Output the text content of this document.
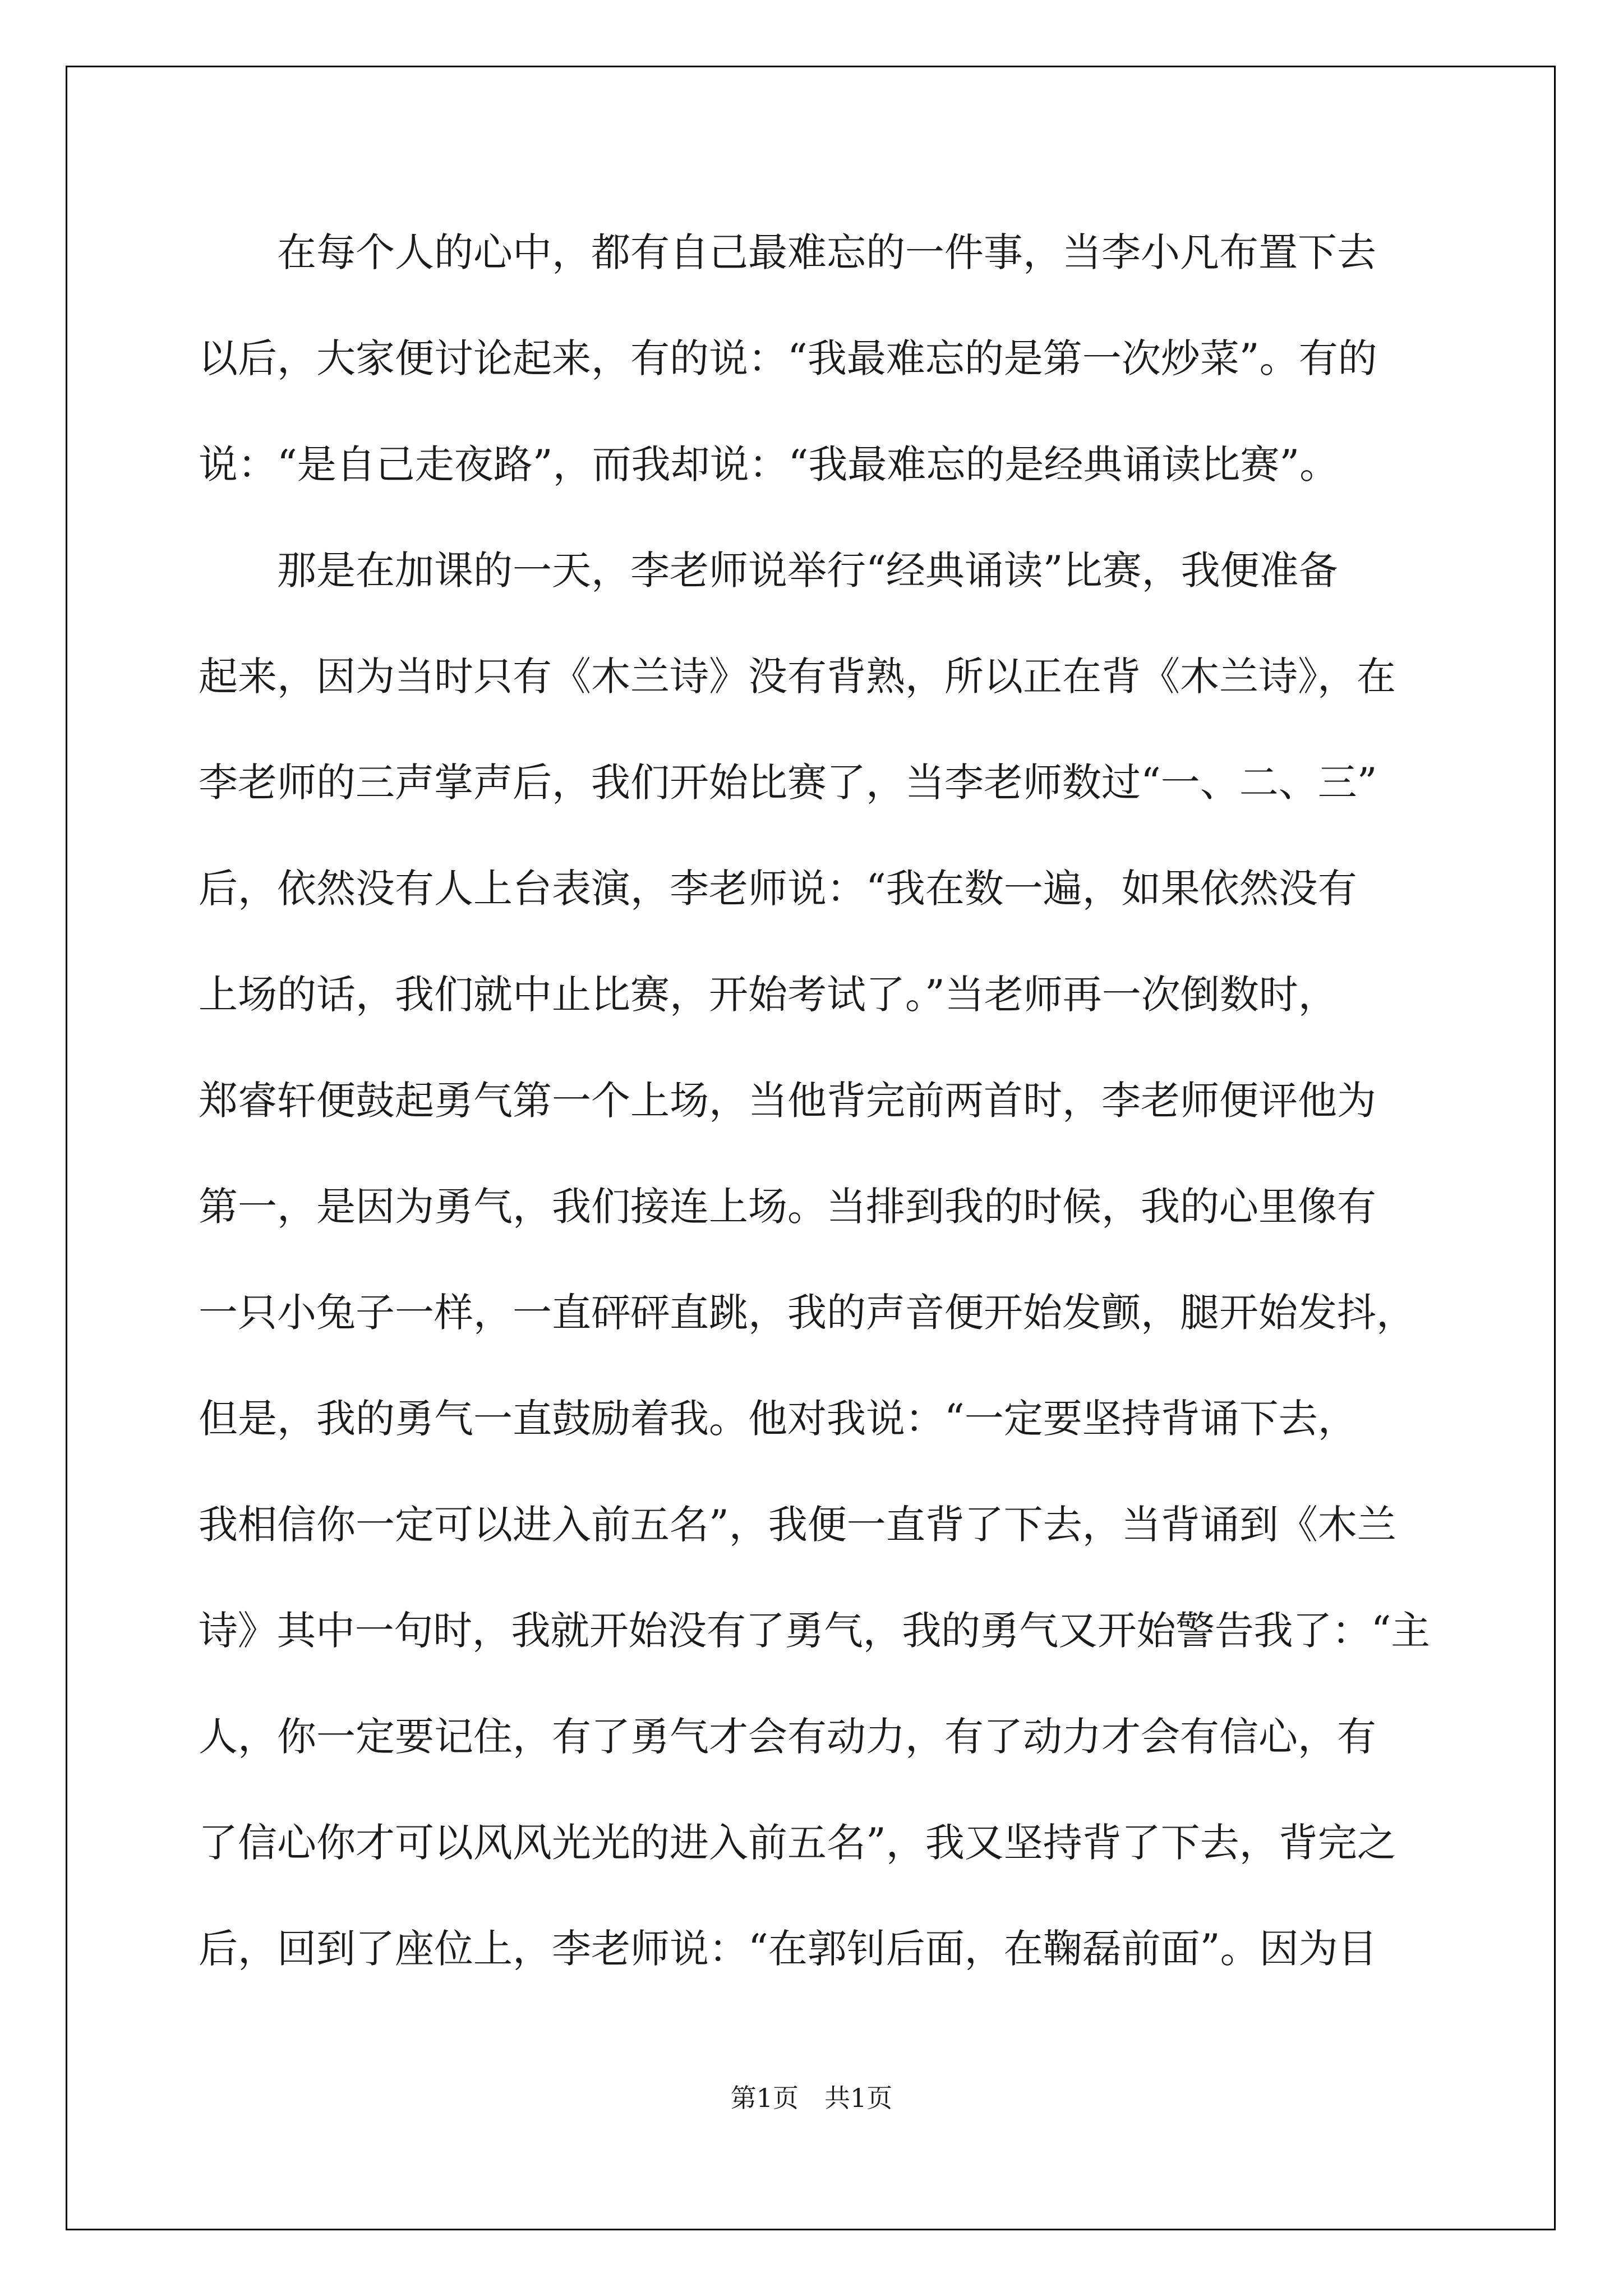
　　在每个人的心中，都有自己最难忘的一件事，当李小凡布置下去
以后，大家便讨论起来，有的说：“我最难忘的是第一次炒菜”。有的
说：“是自己走夜路”，而我却说：“我最难忘的是经典诵读比赛”。
　　那是在加课的一天，李老师说举行“经典诵读”比赛，我便准备
起来，因为当时只有《木兰诗》没有背熟，所以正在背《木兰诗》，在
李老师的三声掌声后，我们开始比赛了，当李老师数过“一、二、三”
后，依然没有人上台表演，李老师说：“我在数一遍，如果依然没有
上场的话，我们就中止比赛，开始考试了。”当老师再一次倒数时，
郑睿轩便鼓起勇气第一个上场，当他背完前两首时，李老师便评他为
第一，是因为勇气，我们接连上场。当排到我的时候，我的心里像有
一只小兔子一样，一直砰砰直跳，我的声音便开始发颤，腿开始发抖，
但是，我的勇气一直鼓励着我。他对我说：“一定要坚持背诵下去，
我相信你一定可以进入前五名”，我便一直背了下去，当背诵到《木兰
诗》其中一句时，我就开始没有了勇气，我的勇气又开始警告我了：“主
人，你一定要记住，有了勇气才会有动力，有了动力才会有信心，有
了信心你才可以风风光光的进入前五名”，我又坚持背了下去，背完之
后，回到了座位上，李老师说：“在郭钊后面，在鞠磊前面”。因为目
第1页　共1页
